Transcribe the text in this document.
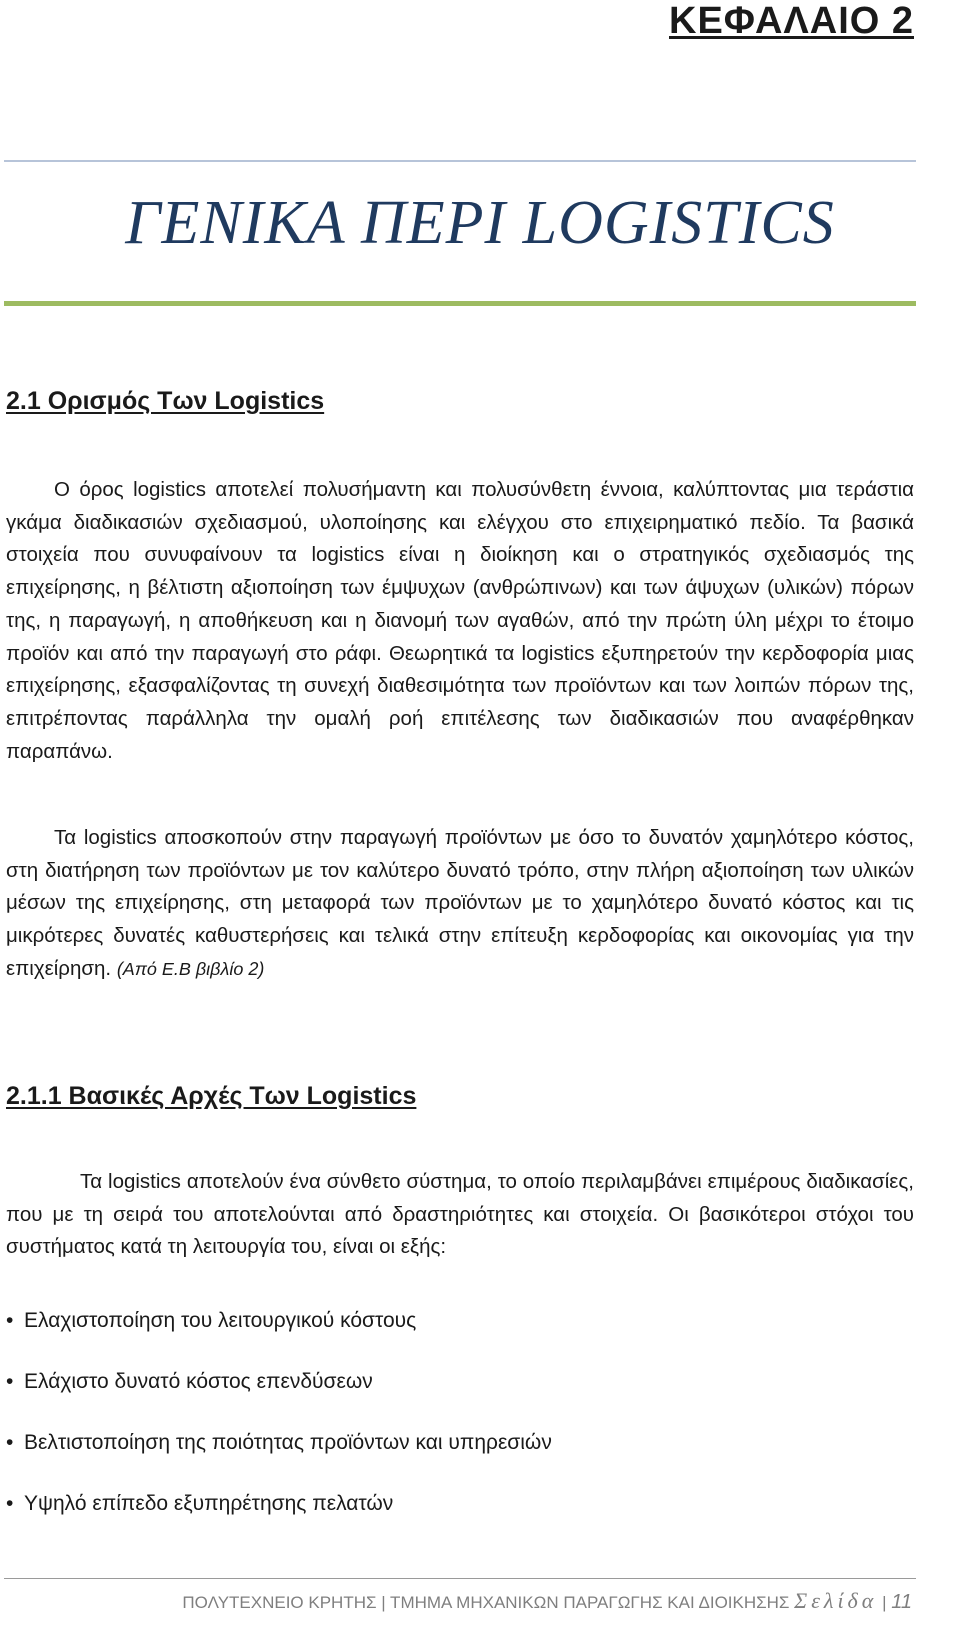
ΚΕΦΑΛΑΙΟ 2
ΓΕΝΙΚΑ ΠΕΡΙ LOGISTICS
2.1 Ορισμός Των Logistics

Ο όρος logistics αποτελεί πολυσήμαντη και πολυσύνθετη έννοια, καλύπτοντας μια τεράστια γκάμα διαδικασιών σχεδιασμού, υλοποίησης και ελέγχου στο επιχειρηματικό πεδίο. Τα βασικά στοιχεία που συνυφαίνουν τα logistics είναι η διοίκηση και ο στρατηγικός σχεδιασμός της επιχείρησης, η βέλτιστη αξιοποίηση των έμψυχων (ανθρώπινων) και των άψυχων (υλικών) πόρων της, η παραγωγή, η αποθήκευση και η διανομή των αγαθών, από την πρώτη ύλη μέχρι το έτοιμο προϊόν και από την παραγωγή στο ράφι. Θεωρητικά τα logistics εξυπηρετούν την κερδοφορία μιας επιχείρησης, εξασφαλίζοντας τη συνεχή διαθεσιμότητα των προϊόντων και των λοιπών πόρων της, επιτρέποντας παράλληλα την ομαλή ροή επιτέλεσης των διαδικασιών που αναφέρθηκαν παραπάνω.

Τα logistics αποσκοπούν στην παραγωγή προϊόντων με όσο το δυνατόν χαμηλότερο κόστος, στη διατήρηση των προϊόντων με τον καλύτερο δυνατό τρόπο, στην πλήρη αξιοποίηση των υλικών μέσων της επιχείρησης, στη μεταφορά των προϊόντων με το χαμηλότερο δυνατό κόστος και τις μικρότερες δυνατές καθυστερήσεις και τελικά στην επίτευξη κερδοφορίας και οικονομίας για την επιχείρηση. (Από Ε.Β βιβλίο 2)

2.1.1 Βασικές Αρχές Των Logistics

Τα logistics αποτελούν ένα σύνθετο σύστημα, το οποίο περιλαμβάνει επιμέρους διαδικασίες, που με τη σειρά του αποτελούνται από δραστηριότητες και στοιχεία. Οι βασικότεροι στόχοι του συστήματος κατά τη λειτουργία του, είναι οι εξής:

• Ελαχιστοποίηση του λειτουργικού κόστους
• Ελάχιστο δυνατό κόστος επενδύσεων
• Βελτιστοποίηση της ποιότητας προϊόντων και υπηρεσιών
• Υψηλό επίπεδο εξυπηρέτησης πελατών
ΠΟΛΥΤΕΧΝΕΙΟ ΚΡΗΤΗΣ | ΤΜΗΜΑ ΜΗΧΑΝΙΚΩΝ ΠΑΡΑΓΩΓΗΣ ΚΑΙ ΔΙΟΙΚΗΣΗΣ Σελίδα | 11
